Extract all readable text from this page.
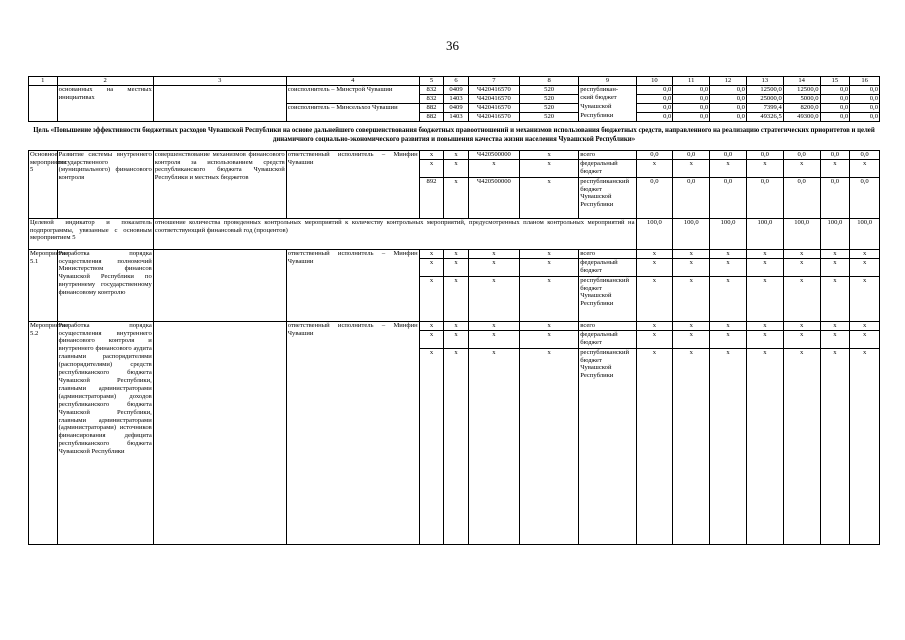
36
1	2	3	4	5	6	7	8	9	10	11	12	13	14	15	16
	основанных на местных инициативах		соисполнитель – Минстрой Чувашии	832	0409	Ч420416570	520	республикан-	0,0	0,0	0,0	12500,0	12500,0	0,0	0,0
				832	1403	Ч420416570	520	ский бюджет	0,0	0,0	0,0	25000,0	5000,0	0,0	0,0
			соисполнитель – Минсельхоз Чувашии	882	0409	Ч420416570	520	Чувашской	0,0	0,0	0,0	7399,4	8200,0	0,0	0,0
				882	1403	Ч420416570	520	Республики	0,0	0,0	0,0	49326,5	49300,0	0,0	0,0
Цель «Повышение эффективности бюджетных расходов Чувашской Республики на основе дальнейшего совершенствования бюджетных правоотношений и механизмов использования бюджетных средств, направленного на реализацию стратегических приоритетов и целей динамичного социально-экономического развития и повышения качества жизни населения Чувашской Республики»															
Основное мероприятие 5	Развитие системы внутреннего государственного (муниципального) финансового контроля	совершенствование механизмов финансового контроля за использованием средств республиканского бюджета Чувашской Республики и местных бюджетов	ответственный исполнитель – Минфин Чувашии	х	х	Ч420500000	х	всего	0,0	0,0	0,0	0,0	0,0	0,0	0,0
				х	х	х	х	федеральный бюджет	х	х	х	х	х	х	х
				892	х	Ч420500000	х	республиканский бюджет Чувашской Республики	0,0	0,0	0,0	0,0	0,0	0,0	0,0
Целевой индикатор и показатель подпрограммы, увязанные с основным мероприятием 5		отношение количества проведенных контрольных мероприятий к количеству контрольных мероприятий, предусмотренных планом контрольных мероприятий на соответствующий финансовый год (процентов)							100,0	100,0	100,0	100,0	100,0	100,0	100,0
Мероприятие 5.1	Разработка порядка осуществления полномочий Министерством финансов Чувашской Республики по внутреннему государственному финансовому контролю		ответственный исполнитель – Минфин Чувашии	х	х	х	х	всего	х	х	х	х	х	х	х
				х	х	х	х	федеральный бюджет	х	х	х	х	х	х	х
				х	х	х	х	республиканский бюджет Чувашской Республики	х	х	х	х	х	х	х
Мероприятие 5.2	Разработка порядка осуществления внутреннего финансового контроля и внутреннего финансового аудита главными распорядителями (распорядителями) средств республиканского бюджета Чувашской Республики, главными администраторами (администраторами) доходов республиканского бюджета Чувашской Республики, главными администраторами (администраторами) источников финансирования дефицита республиканского бюджета Чувашской Республики		ответственный исполнитель – Минфин Чувашии	х	х	х	х	всего	х	х	х	х	х	х	х
				х	х	х	х	федеральный бюджет	х	х	х	х	х	х	х
				х	х	х	х	республиканский бюджет Чувашской Республики	х	х	х	х	х	х	х
